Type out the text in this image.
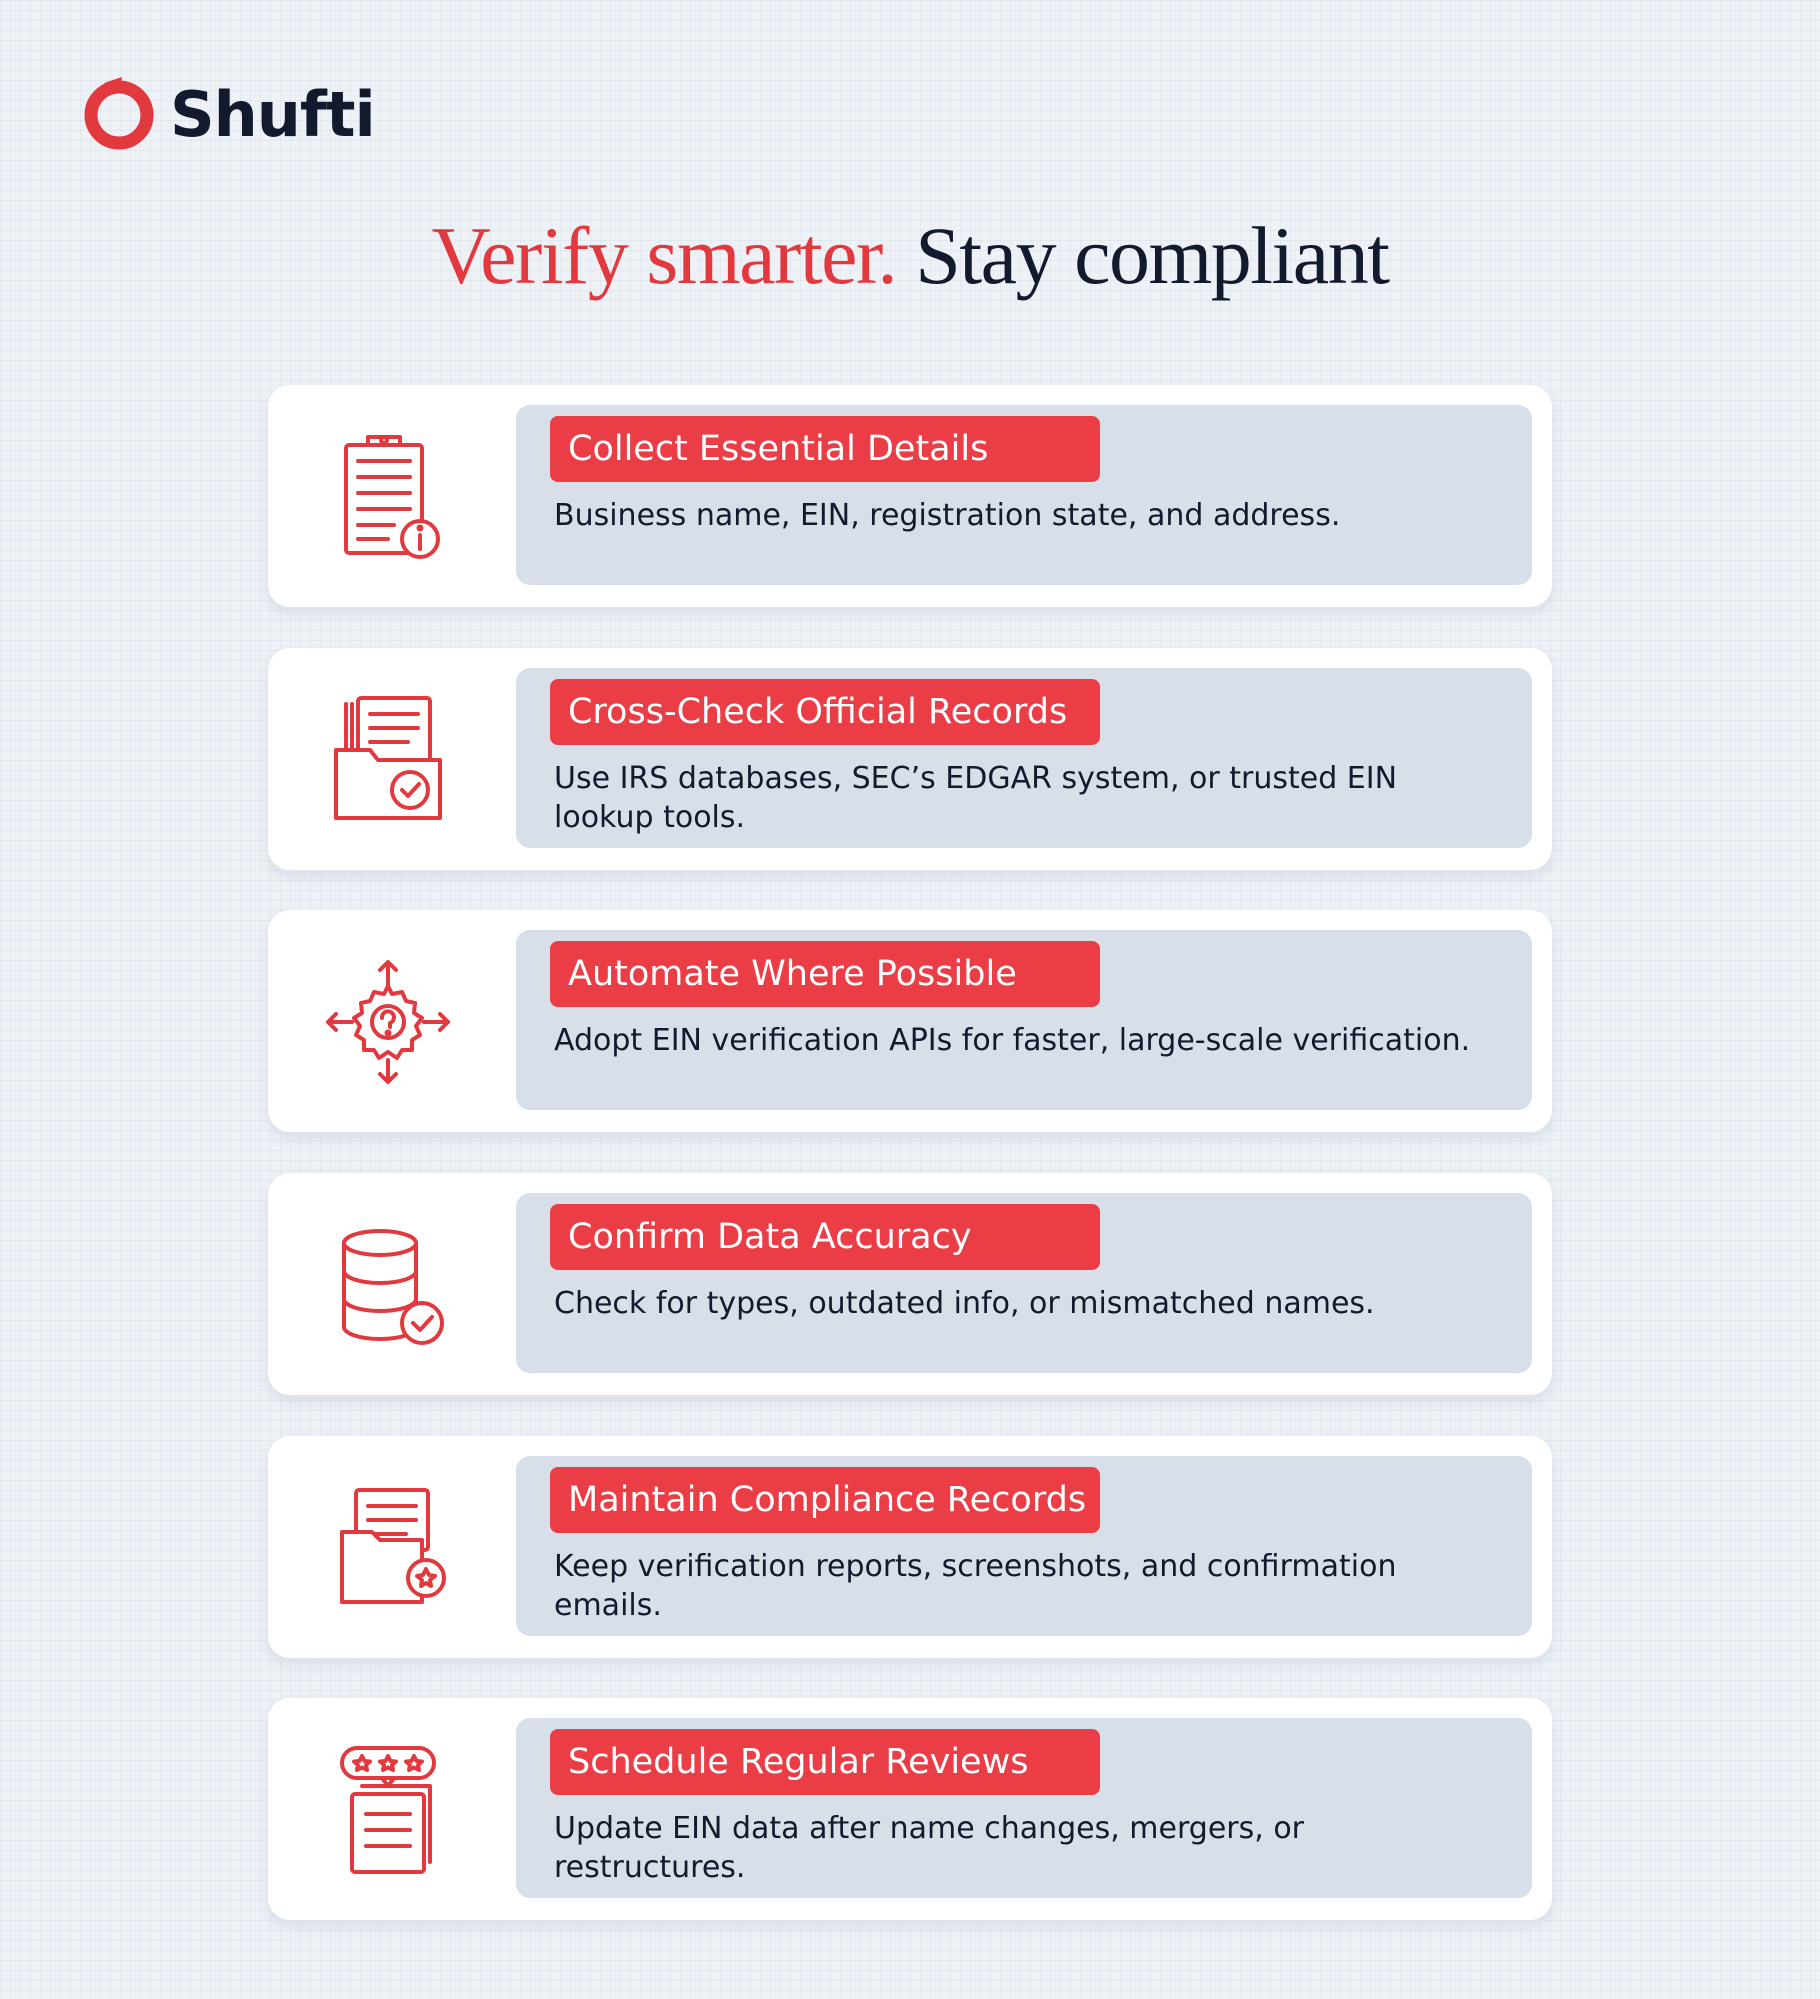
Shufti
Verify smarter. Stay compliant
Collect Essential Details
Business name, EIN, registration state, and address.
Cross-Check Official Records
Use IRS databases, SEC’s EDGAR system, or trusted EIN lookup tools.
Automate Where Possible
Adopt EIN verification APIs for faster, large-scale verification.
Confirm Data Accuracy
Check for types, outdated info, or mismatched names.
Maintain Compliance Records
Keep verification reports, screenshots, and confirmation emails.
Schedule Regular Reviews
Update EIN data after name changes, mergers, or restructures.
